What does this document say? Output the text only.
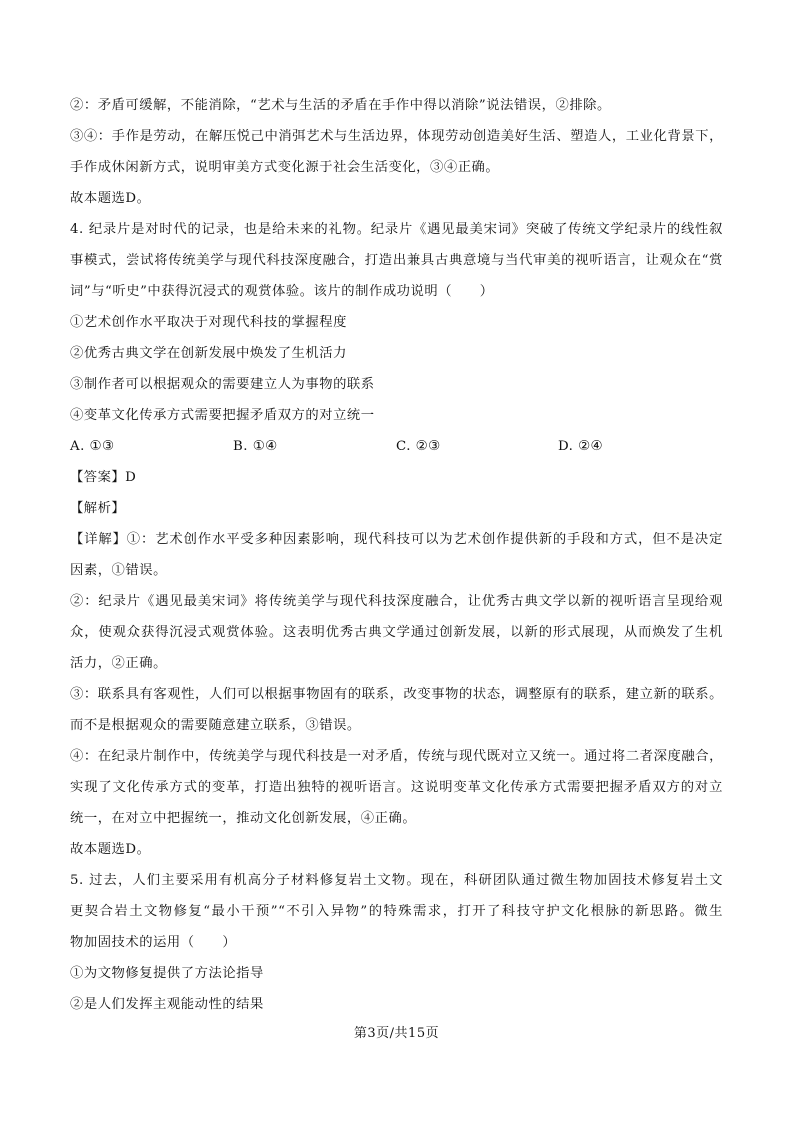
②：矛盾可缓解，不能消除，“艺术与生活的矛盾在手作中得以消除”说法错误，②排除。
③④：手作是劳动，在解压悦己中消弭艺术与生活边界，体现劳动创造美好生活、塑造人，工业化背景下，
手作成休闲新方式，说明审美方式变化源于社会生活变化，③④正确。
故本题选D。
4. 纪录片是对时代的记录，也是给未来的礼物。纪录片《遇见最美宋词》突破了传统文学纪录片的线性叙
事模式，尝试将传统美学与现代科技深度融合，打造出兼具古典意境与当代审美的视听语言，让观众在“赏
词”与“听史”中获得沉浸式的观赏体验。该片的制作成功说明（　　）
①艺术创作水平取决于对现代科技的掌握程度
②优秀古典文学在创新发展中焕发了生机活力
③制作者可以根据观众的需要建立人为事物的联系
④变革文化传承方式需要把握矛盾双方的对立统一
A. ①③	B. ①④	C. ②③	D. ②④
【答案】D
【解析】
【详解】①：艺术创作水平受多种因素影响，现代科技可以为艺术创作提供新的手段和方式，但不是决定
因素，①错误。
②：纪录片《遇见最美宋词》将传统美学与现代科技深度融合，让优秀古典文学以新的视听语言呈现给观
众，使观众获得沉浸式观赏体验。这表明优秀古典文学通过创新发展，以新的形式展现，从而焕发了生机
活力，②正确。
③：联系具有客观性，人们可以根据事物固有的联系，改变事物的状态，调整原有的联系，建立新的联系。
而不是根据观众的需要随意建立联系，③错误。
④：在纪录片制作中，传统美学与现代科技是一对矛盾，传统与现代既对立又统一。通过将二者深度融合，
实现了文化传承方式的变革，打造出独特的视听语言。这说明变革文化传承方式需要把握矛盾双方的对立
统一，在对立中把握统一，推动文化创新发展，④正确。
故本题选D。
5. 过去，人们主要采用有机高分子材料修复岩土文物。现在，科研团队通过微生物加固技术修复岩土文
更契合岩土文物修复“最小干预”“不引入异物”的特殊需求，打开了科技守护文化根脉的新思路。微生
物加固技术的运用（　　）
①为文物修复提供了方法论指导
②是人们发挥主观能动性的结果
第3页/共15页
